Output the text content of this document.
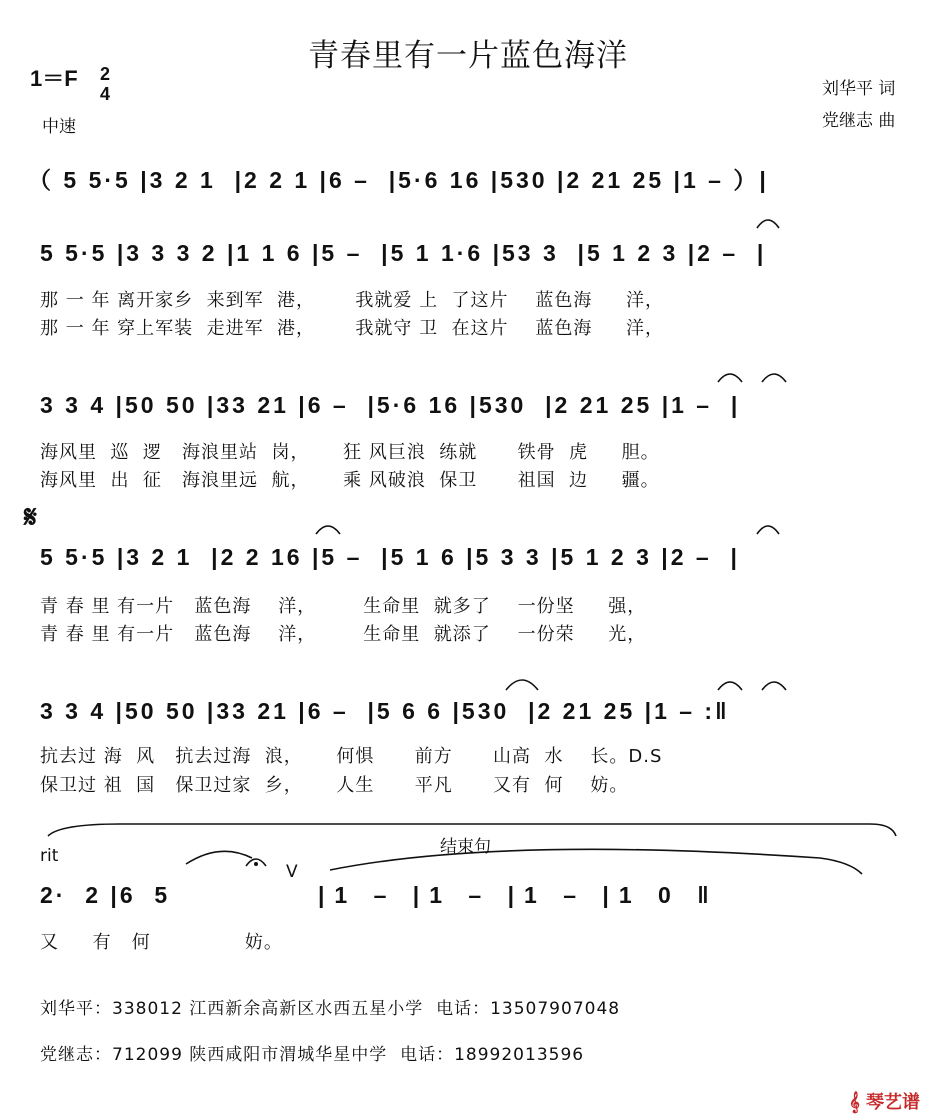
青春里有一片蓝色海洋
1＝F 2
4
中速
刘华平 词
党继志 曲
（ 5 5·5 |3 2 1  |2 2 1 |6 –  |5·6 16 |530 |2 21 25 |1 – ）|
5 5·5 |3 3 3 2 |1 1 6 |5 –  |5 1 1·6 |53 3  |5 1 2 3 |2 –  |
那 一 年 离开家乡  来到军  港，      我就爱 上  了这片    蓝色海     洋，
那 一 年 穿上军装  走进军  港，      我就守 卫  在这片    蓝色海     洋，
3 3 4 |50 50 |33 21 |6 –  |5·6 16 |530  |2 21 25 |1 –  |
海风里  巡  逻   海浪里站  岗，     狂 风巨浪  练就      铁骨  虎     胆。
海风里  出  征   海浪里远  航，     乘 风破浪  保卫      祖国  边     疆。
𝄋
5 5·5 |3 2 1  |2 2 16 |5 –  |5 1 6 |5 3 3 |5 1 2 3 |2 –  |
青 春 里 有一片   蓝色海    洋，       生命里  就多了    一份坚     强，
青 春 里 有一片   蓝色海    洋，       生命里  就添了    一份荣     光，
3 3 4 |50 50 |33 21 |6 –  |5 6 6 |530  |2 21 25 |1 – :‖
抗去过 海  风   抗去过海  浪，     何惧      前方      山高  水    长。D.S
保卫过 祖  国   保卫过家  乡，     人生      平凡      又有  何    妨。
rit	结束句
V
2·  2 |6  5	|1 – |1 – |1 – |1 0 ‖
又     有   何              妨。
刘华平：338012 江西新余高新区水西五星小学  电话：13507907048
党继志：712099 陕西咸阳市渭城华星中学  电话：18992013596

𝄞 琴艺谱
